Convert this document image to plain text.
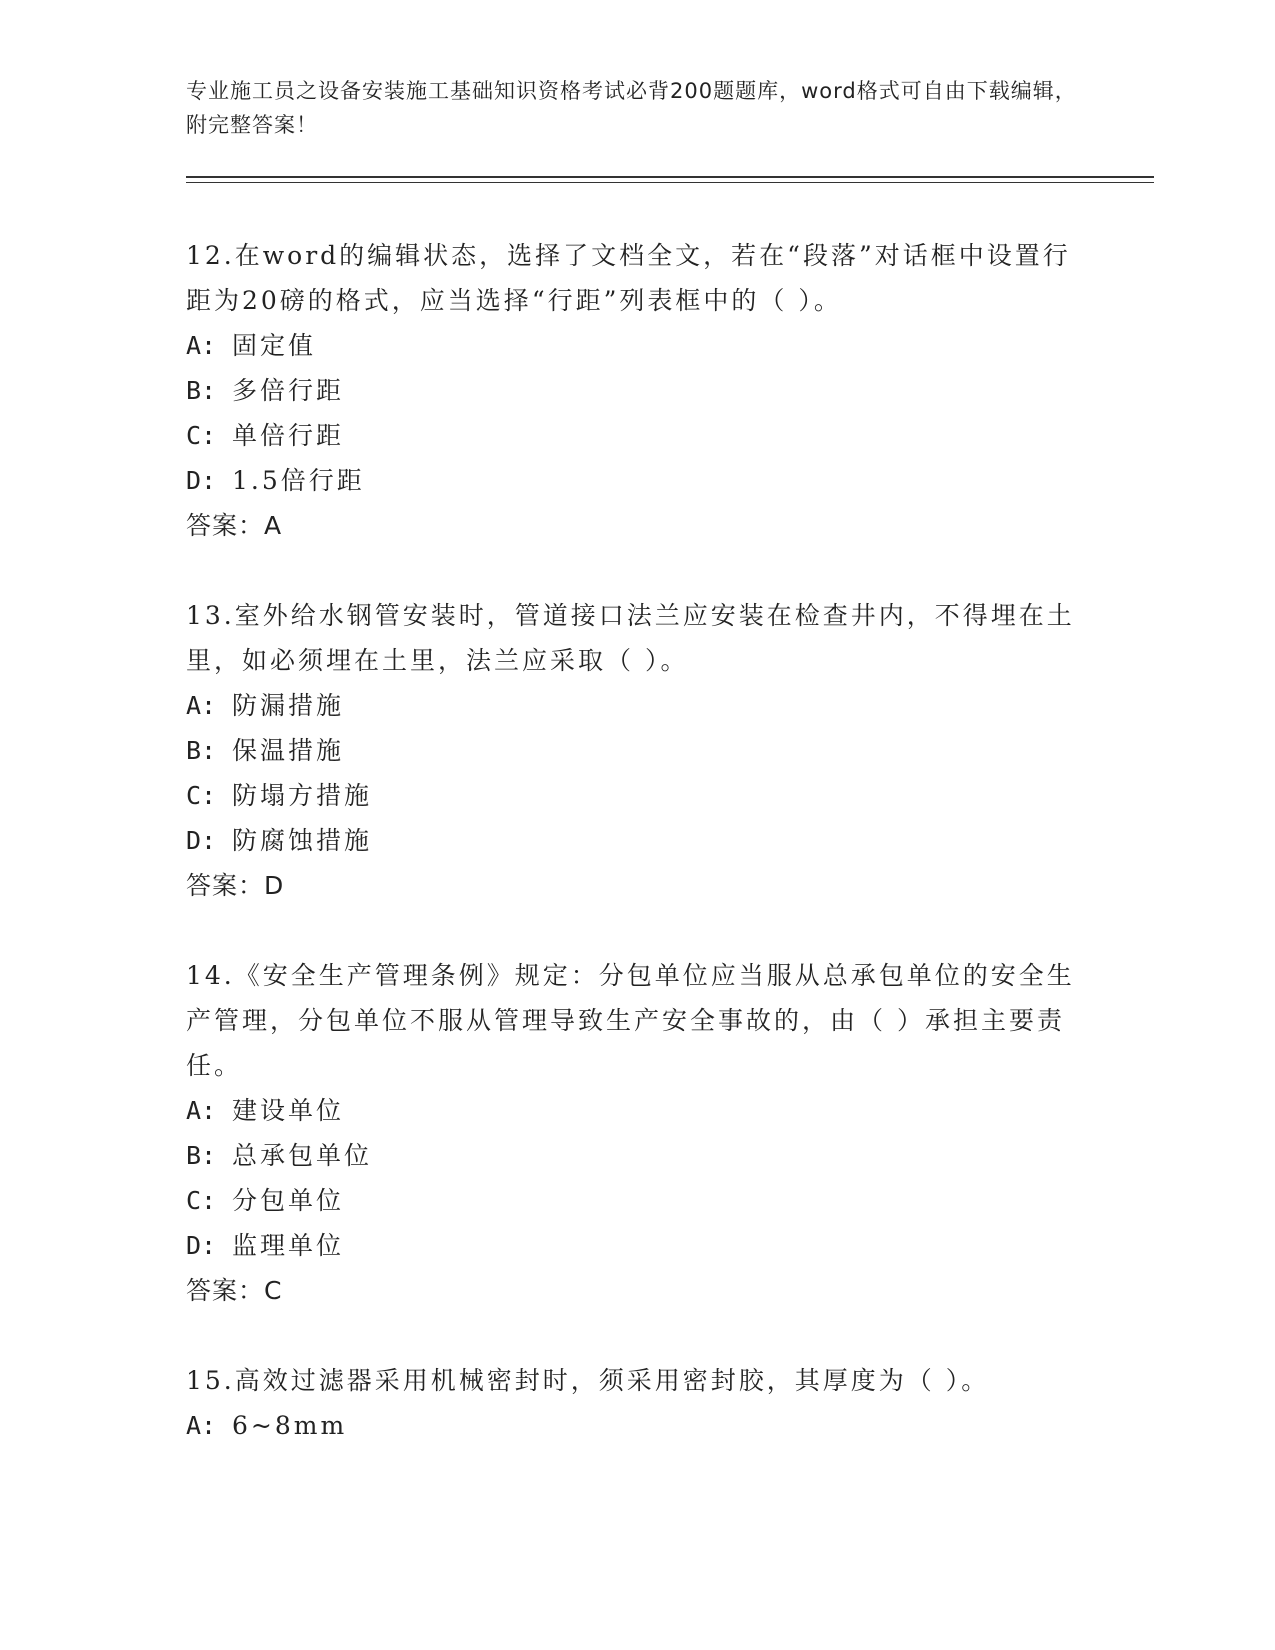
专业施工员之设备安装施工基础知识资格考试必背200题题库，word格式可自由下载编辑，附完整答案！

12.在word的编辑状态，选择了文档全文，若在“段落”对话框中设置行距为20磅的格式，应当选择“行距”列表框中的（ ）。

A: 固定值

B: 多倍行距

C: 单倍行距

D: 1.5倍行距

答案：A

13.室外给水钢管安装时，管道接口法兰应安装在检查井内，不得埋在土里，如必须埋在土里，法兰应采取（ ）。

A: 防漏措施

B: 保温措施

C: 防塌方措施

D: 防腐蚀措施

答案：D

14.《安全生产管理条例》规定：分包单位应当服从总承包单位的安全生产管理，分包单位不服从管理导致生产安全事故的，由（ ）承担主要责任。

A: 建设单位

B: 总承包单位

C: 分包单位

D: 监理单位

答案：C

15.高效过滤器采用机械密封时，须采用密封胶，其厚度为（ ）。

A: 6~8mm
